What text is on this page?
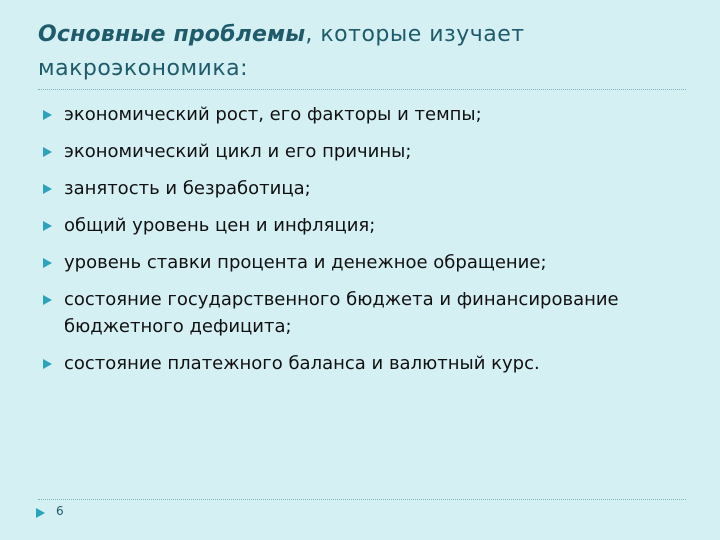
Основные проблемы, которые изучает макроэкономика:
экономический рост, его факторы и темпы;
экономический цикл и его причины;
занятость и безработица;
общий уровень цен и инфляция;
уровень ставки процента и денежное обращение;
состояние государственного бюджета и финансирование бюджетного дефицита;
состояние платежного баланса и валютный курс.
6
